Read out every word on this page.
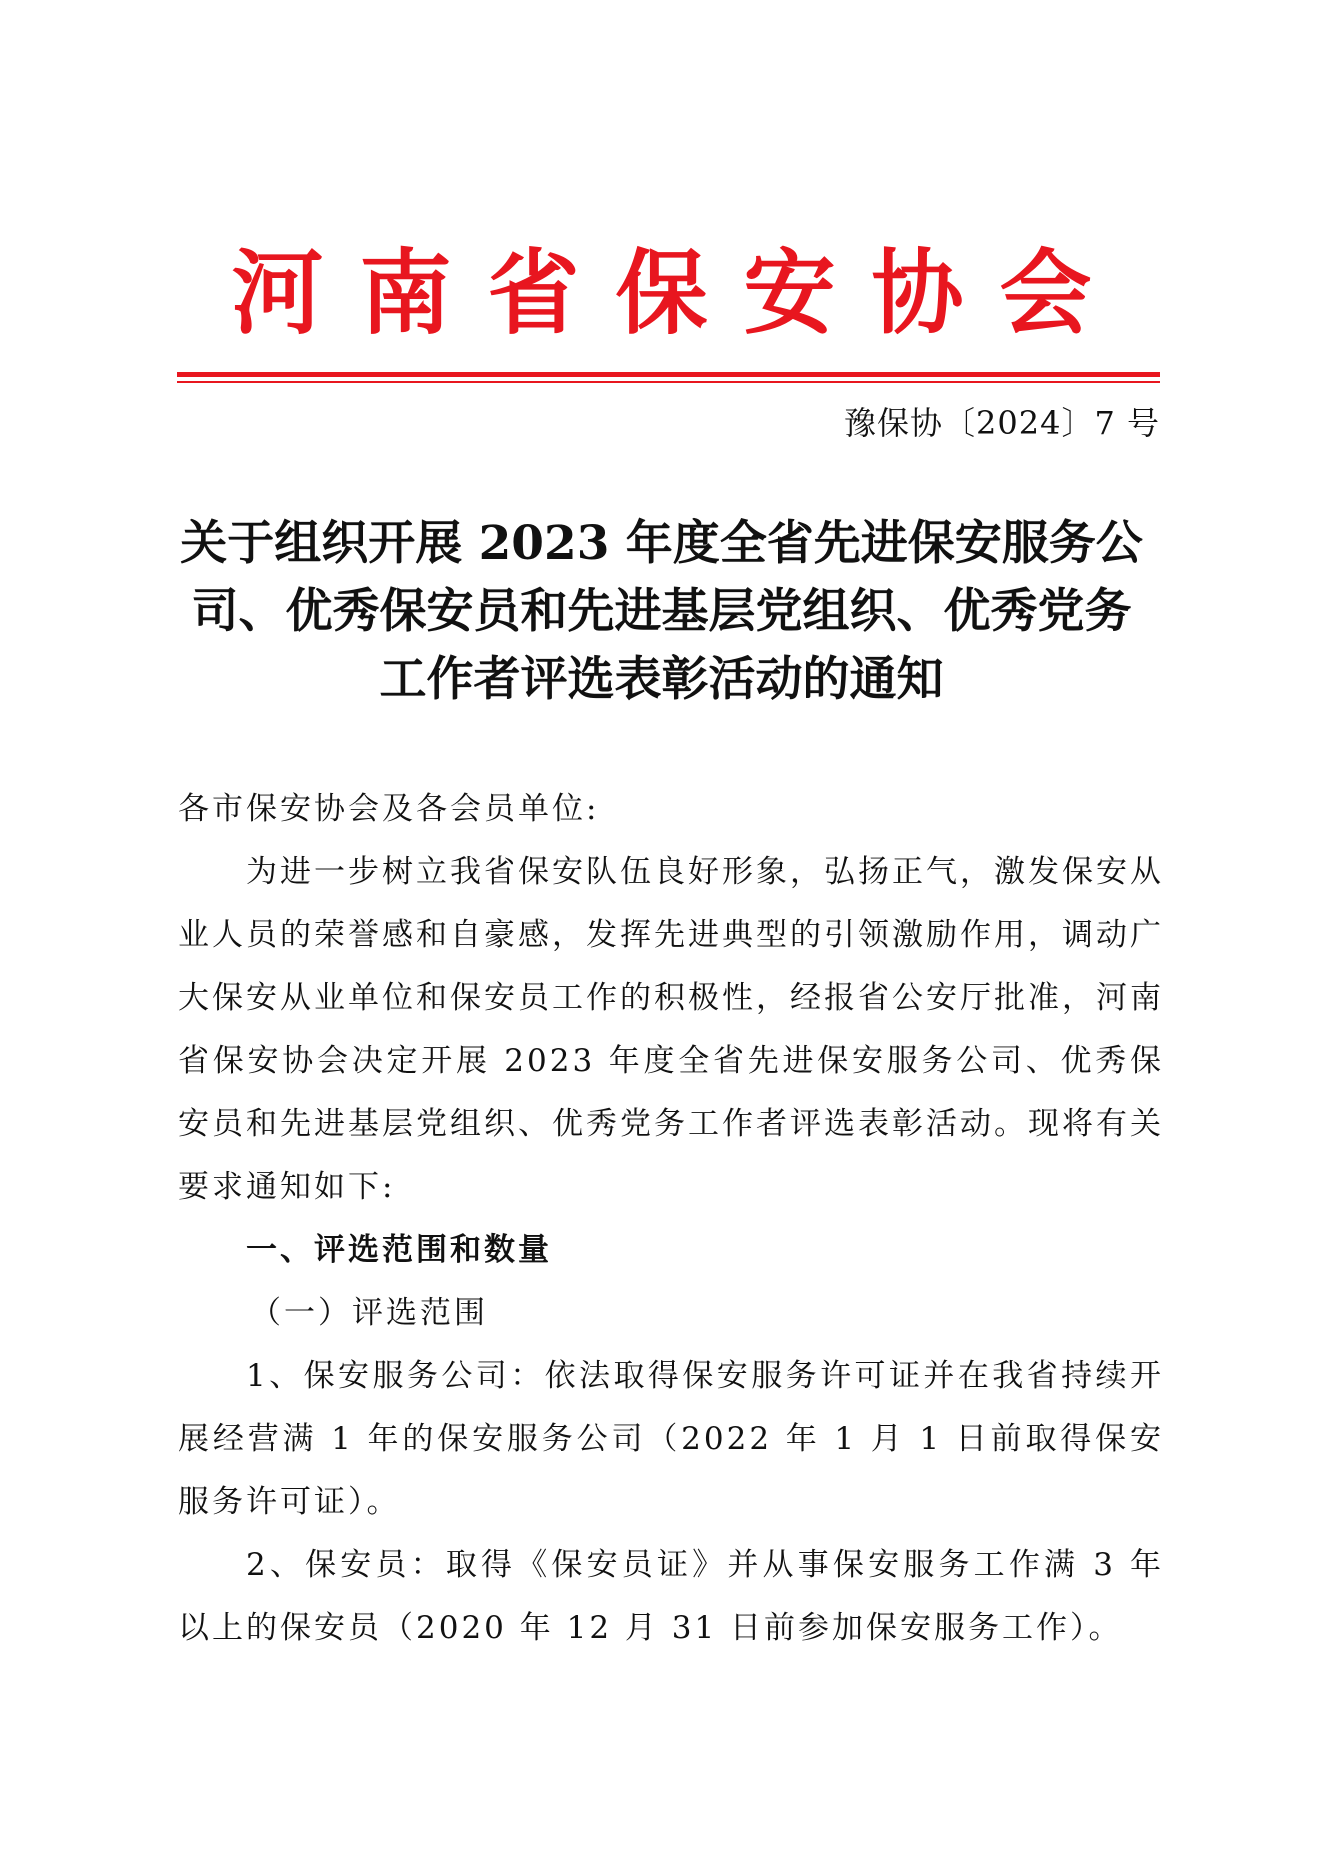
河南省保安协会
豫保协〔2024〕7 号
关于组织开展 2023 年度全省先进保安服务公
司、优秀保安员和先进基层党组织、优秀党务
工作者评选表彰活动的通知

各市保安协会及各会员单位:

为进一步树立我省保安队伍良好形象，弘扬正气，激发保安从业人员的荣誉感和自豪感，发挥先进典型的引领激励作用，调动广大保安从业单位和保安员工作的积极性，经报省公安厅批准，河南省保安协会决定开展 2023 年度全省先进保安服务公司、优秀保安员和先进基层党组织、优秀党务工作者评选表彰活动。现将有关要求通知如下:

一、评选范围和数量

（一）评选范围

1、保安服务公司：依法取得保安服务许可证并在我省持续开展经营满 1 年的保安服务公司（2022 年 1 月 1 日前取得保安服务许可证）。

2、保安员：取得《保安员证》并从事保安服务工作满 3 年以上的保安员（2020 年 12 月 31 日前参加保安服务工作）。
